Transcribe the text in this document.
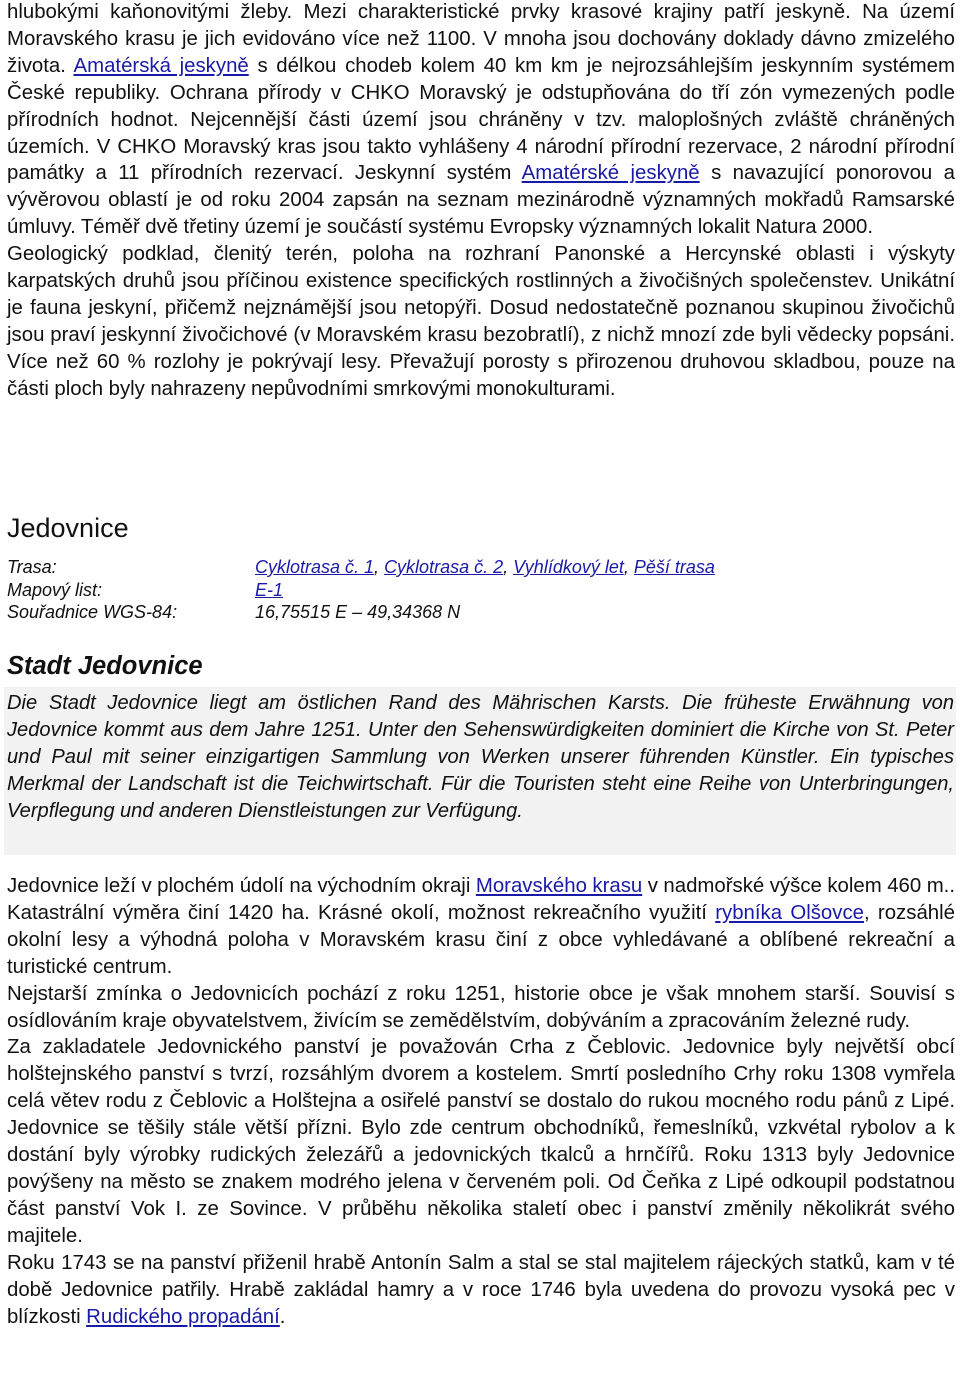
hlubokými kaňonovitými žleby. Mezi charakteristické prvky krasové krajiny patří jeskyně. Na území Moravského krasu je jich evidováno více než 1100. V mnoha jsou dochovány doklady dávno zmizelého života. Amatérská jeskyně s délkou chodeb kolem 40 km km je nejrozsáhlejším jeskynním systémem České republiky. Ochrana přírody v CHKO Moravský je odstupňována do tří zón vymezených podle přírodních hodnot. Nejcennější části území jsou chráněny v tzv. maloplošných zvláště chráněných územích. V CHKO Moravský kras jsou takto vyhlášeny 4 národní přírodní rezervace, 2 národní přírodní památky a 11 přírodních rezervací. Jeskynní systém Amatérské jeskyně s navazující ponorovou a vývěrovou oblastí je od roku 2004 zapsán na seznam mezinárodně významných mokřadů Ramsarské úmluvy. Téměř dvě třetiny území je součástí systému Evropsky významných lokalit Natura 2000.

Geologický podklad, členitý terén, poloha na rozhraní Panonské a Hercynské oblasti i výskyty karpatských druhů jsou příčinou existence specifických rostlinných a živočišných společenstev. Unikátní je fauna jeskyní, přičemž nejznámější jsou netopýři. Dosud nedostatečně poznanou skupinou živočichů jsou praví jeskynní živočichové (v Moravském krasu bezobratlí), z nichž mnozí zde byli vědecky popsáni. Více než 60 % rozlohy je pokrývají lesy. Převažují porosty s přirozenou druhovou skladbou, pouze na části ploch byly nahrazeny nepůvodními smrkovými monokulturami.

Jedovnice
Trasa:	Cyklotrasa č. 1, Cyklotrasa č. 2, Vyhlídkový let, Pěší trasa
Mapový list:	E-1
Souřadnice WGS-84:	16,75515 E – 49,34368 N
Stadt Jedovnice

Die Stadt Jedovnice liegt am östlichen Rand des Mährischen Karsts. Die früheste Erwähnung von Jedovnice kommt aus dem Jahre 1251. Unter den Sehenswürdigkeiten dominiert die Kirche von St. Peter und Paul mit seiner einzigartigen Sammlung von Werken unserer führenden Künstler. Ein typisches Merkmal der Landschaft ist die Teichwirtschaft. Für die Touristen steht eine Reihe von Unterbringungen, Verpflegung und anderen Dienstleistungen zur Verfügung.

Jedovnice leží v plochém údolí na východním okraji Moravského krasu v nadmořské výšce kolem 460 m.. Katastrální výměra činí 1420 ha. Krásné okolí, možnost rekreačního využití rybníka Olšovce, rozsáhlé okolní lesy a výhodná poloha v Moravském krasu činí z obce vyhledávané a oblíbené rekreační a turistické centrum.

Nejstarší zmínka o Jedovnicích pochází z roku 1251, historie obce je však mnohem starší. Souvisí s osídlováním kraje obyvatelstvem, živícím se zemědělstvím, dobýváním a zpracováním železné rudy.

Za zakladatele Jedovnického panství je považován Crha z Čeblovic. Jedovnice byly největší obcí holštejnského panství s tvrzí, rozsáhlým dvorem a kostelem. Smrtí posledního Crhy roku 1308 vymřela celá větev rodu z Čeblovic a Holštejna a osiřelé panství se dostalo do rukou mocného rodu pánů z Lipé. Jedovnice se těšily stále větší přízni. Bylo zde centrum obchodníků, řemeslníků, vzkvétal rybolov a k dostání byly výrobky rudických železářů a jedovnických tkalců a hrnčířů. Roku 1313 byly Jedovnice povýšeny na město se znakem modrého jelena v červeném poli. Od Čeňka z Lipé odkoupil podstatnou část panství Vok I. ze Sovince. V průběhu několika staletí obec i panství změnily několikrát svého majitele.

Roku 1743 se na panství přiženil hrabě Antonín Salm a stal se stal majitelem rájeckých statků, kam v té době Jedovnice patřily. Hrabě zakládal hamry a v roce 1746 byla uvedena do provozu vysoká pec v blízkosti Rudického propadání.
